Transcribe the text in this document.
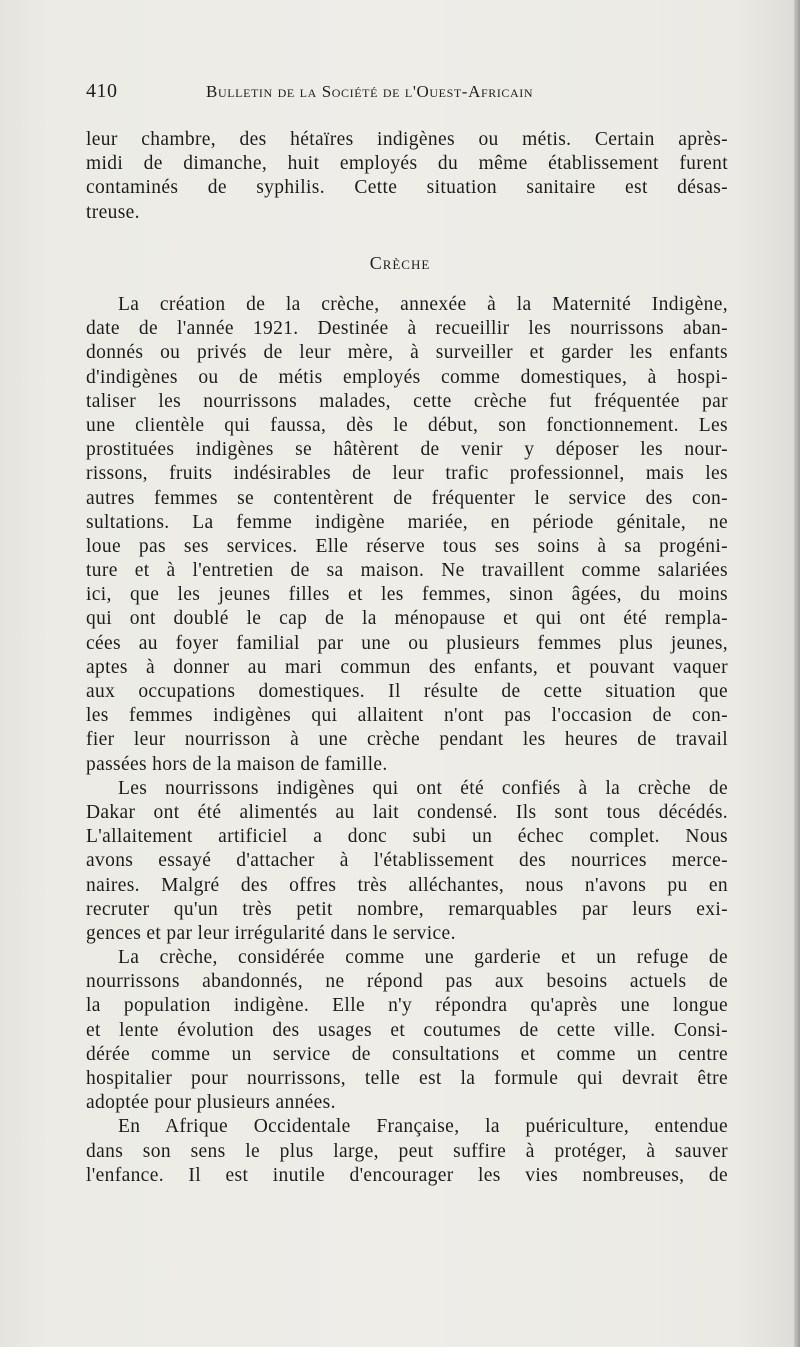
410	Bulletin de la Société de l'Ouest-Africain
leur chambre, des hétaïres indigènes ou métis. Certain après-
midi de dimanche, huit employés du même établissement furent
contaminés de syphilis. Cette situation sanitaire est désas-
treuse.
Crèche
La création de la crèche, annexée à la Maternité Indigène,
date de l'année 1921. Destinée à recueillir les nourrissons aban-
donnés ou privés de leur mère, à surveiller et garder les enfants
d'indigènes ou de métis employés comme domestiques, à hospi-
taliser les nourrissons malades, cette crèche fut fréquentée par
une clientèle qui faussa, dès le début, son fonctionnement. Les
prostituées indigènes se hâtèrent de venir y déposer les nour-
rissons, fruits indésirables de leur trafic professionnel, mais les
autres femmes se contentèrent de fréquenter le service des con-
sultations. La femme indigène mariée, en période génitale, ne
loue pas ses services. Elle réserve tous ses soins à sa progéni-
ture et à l'entretien de sa maison. Ne travaillent comme salariées
ici, que les jeunes filles et les femmes, sinon âgées, du moins
qui ont doublé le cap de la ménopause et qui ont été rempla-
cées au foyer familial par une ou plusieurs femmes plus jeunes,
aptes à donner au mari commun des enfants, et pouvant vaquer
aux occupations domestiques. Il résulte de cette situation que
les femmes indigènes qui allaitent n'ont pas l'occasion de con-
fier leur nourrisson à une crèche pendant les heures de travail
passées hors de la maison de famille.
Les nourrissons indigènes qui ont été confiés à la crèche de
Dakar ont été alimentés au lait condensé. Ils sont tous décédés.
L'allaitement artificiel a donc subi un échec complet. Nous
avons essayé d'attacher à l'établissement des nourrices merce-
naires. Malgré des offres très alléchantes, nous n'avons pu en
recruter qu'un très petit nombre, remarquables par leurs exi-
gences et par leur irrégularité dans le service.
La crèche, considérée comme une garderie et un refuge de
nourrissons abandonnés, ne répond pas aux besoins actuels de
la population indigène. Elle n'y répondra qu'après une longue
et lente évolution des usages et coutumes de cette ville. Consi-
dérée comme un service de consultations et comme un centre
hospitalier pour nourrissons, telle est la formule qui devrait être
adoptée pour plusieurs années.
En Afrique Occidentale Française, la puériculture, entendue
dans son sens le plus large, peut suffire à protéger, à sauver
l'enfance. Il est inutile d'encourager les vies nombreuses, de
